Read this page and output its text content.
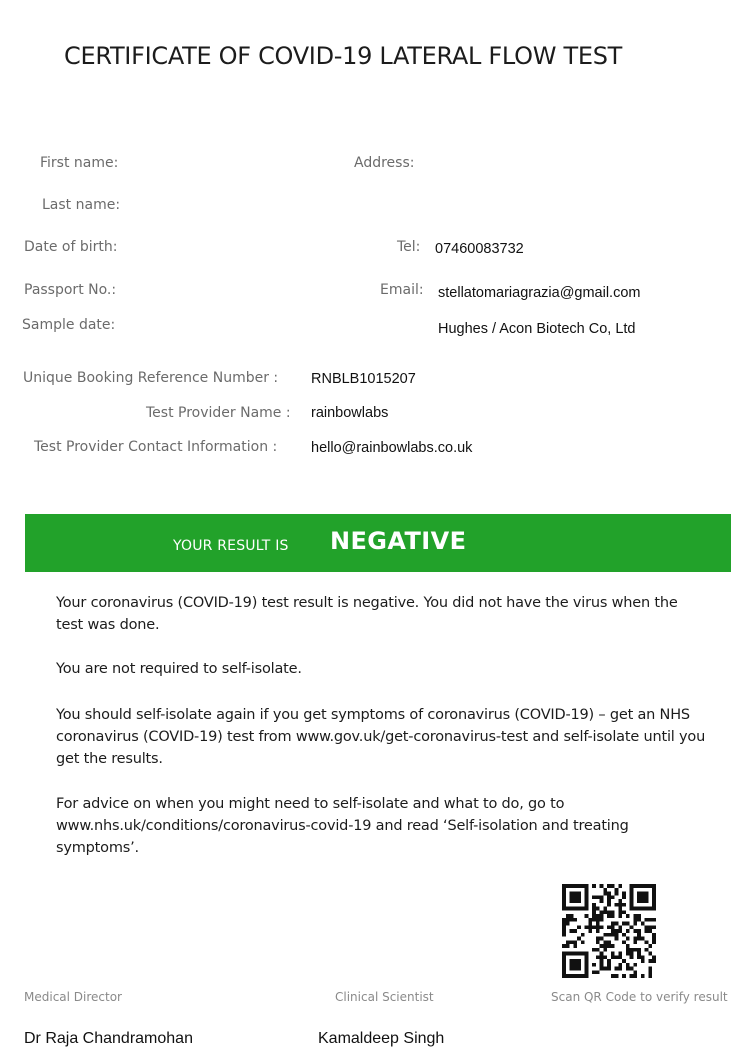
CERTIFICATE OF COVID-19 LATERAL FLOW TEST
First name:
Last name:
Date of birth:
Passport No.:
Sample date:
Address:
Tel: 07460083732
Email: stellatomariagrazia@gmail.com
Hughes / Acon Biotech Co, Ltd
Unique Booking Reference Number : RNBLB1015207
Test Provider Name : rainbowlabs
Test Provider Contact Information : hello@rainbowlabs.co.uk
YOUR RESULT IS NEGATIVE

Your coronavirus (COVID-19) test result is negative. You did not have the virus when the test was done.

You are not required to self-isolate.

You should self-isolate again if you get symptoms of coronavirus (COVID-19) – get an NHS coronavirus (COVID-19) test from www.gov.uk/get-coronavirus-test and self-isolate until you get the results.

For advice on when you might need to self-isolate and what to do, go to www.nhs.uk/conditions/coronavirus-covid-19 and read ‘Self-isolation and treating symptoms’.

Medical Director	Clinical Scientist	Scan QR Code to verify result
Dr Raja Chandramohan	Kamaldeep Singh
